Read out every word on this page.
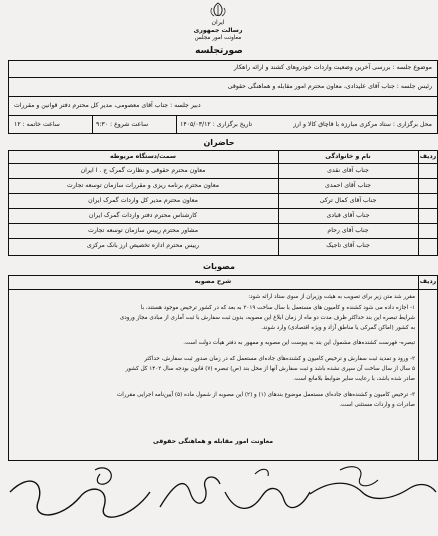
ایران
رسالت جمهوری
معاونت امور مجلس
صورتجلسه
موضوع جلسه : بررسی آخرین وضعیت واردات خودروهای کشند و ارائه راهکار
رئیس جلسه : جناب آقای علیدادی، معاون محترم امور مقابله و هماهنگی حقوقی
دبیر جلسه : جناب آقای معصومی، مدیر کل محترم دفتر قوانین و مقررات
محل برگزاری : ستاد مرکزی مبارزه با قاچاق کالا و ارز
تاریخ برگزاری : ۱۴۰۵/۰۳/۱۲
ساعت شروع : ۹:۳۰
ساعت خاتمه : ۱۲
حاضران
ردیف
نام و خانوادگی
سمت/دستگاه مربوطه
جناب آقای نقدی
معاون محترم حقوقی و نظارت گمرک ج . ا ایران
جناب آقای احمدی
معاون محترم برنامه ریزی و مقررات سازمان توسعه تجارت
جناب آقای کمال ترکی
معاون محترم مدیر کل واردات گمرک ایران
جناب آقای قبادی
کارشناس محترم دفتر واردات گمرک ایران
جناب آقای رحام
مشاور محترم رییس سازمان توسعه تجارت
جناب آقای تاجیک
رییس محترم اداره تخصیص ارز بانک مرکزی
مصوبات
ردیف
شرح مصوبه
مقرر شد متن زیر برای تصویب به هیئت وزیران از سوی ستاد ارائه شود:
۱- اجازه داده می شود کشنده و کامیون های مستعمل با سال ساخت ۲۰۱۹ به بعد که در کشور ترخیص موجود هستند، با
شرایط تبصره این بند حداکثر ظرف مدت دو ماه از زمان ابلاغ این مصوبه، بدون ثبت سفارش با ثبت آماری از مبادی مجاز ورودی
به کشور (اماکن گمرکی یا مناطق آزاد و ویژه اقتصادی) وارد شوند.
تبصره- فهرست کشنده‌های مشمول این بند به پیوست این مصوبه و ممهور به دفتر هیأت دولت است.
۲- ورود و تمدید ثبت سفارش و ترخیص کامیون و کشنده‌های جاده‌ای مستعمل که در زمان صدور ثبت سفارش، حداکثر
۵ سال از سال ساخت آن سپری نشده باشد و ثبت سفارش آنها از محل بند (ص) تبصره (۷) قانون بودجه سال ۱۴۰۲ کل کشور
صادر شده باشد، با رعایت سایر ضوابط بلامانع است.
۳- ترخیص کامیون و کشنده‌های جاده‌ای مستعمل موضوع بندهای (۱) و (۲) این مصوبه از شمول ماده (۵) آیین‌نامه اجرایی مقررات
صادرات و واردات مستثنی است.
معاونت امور مقابله و هماهنگی حقوقی
